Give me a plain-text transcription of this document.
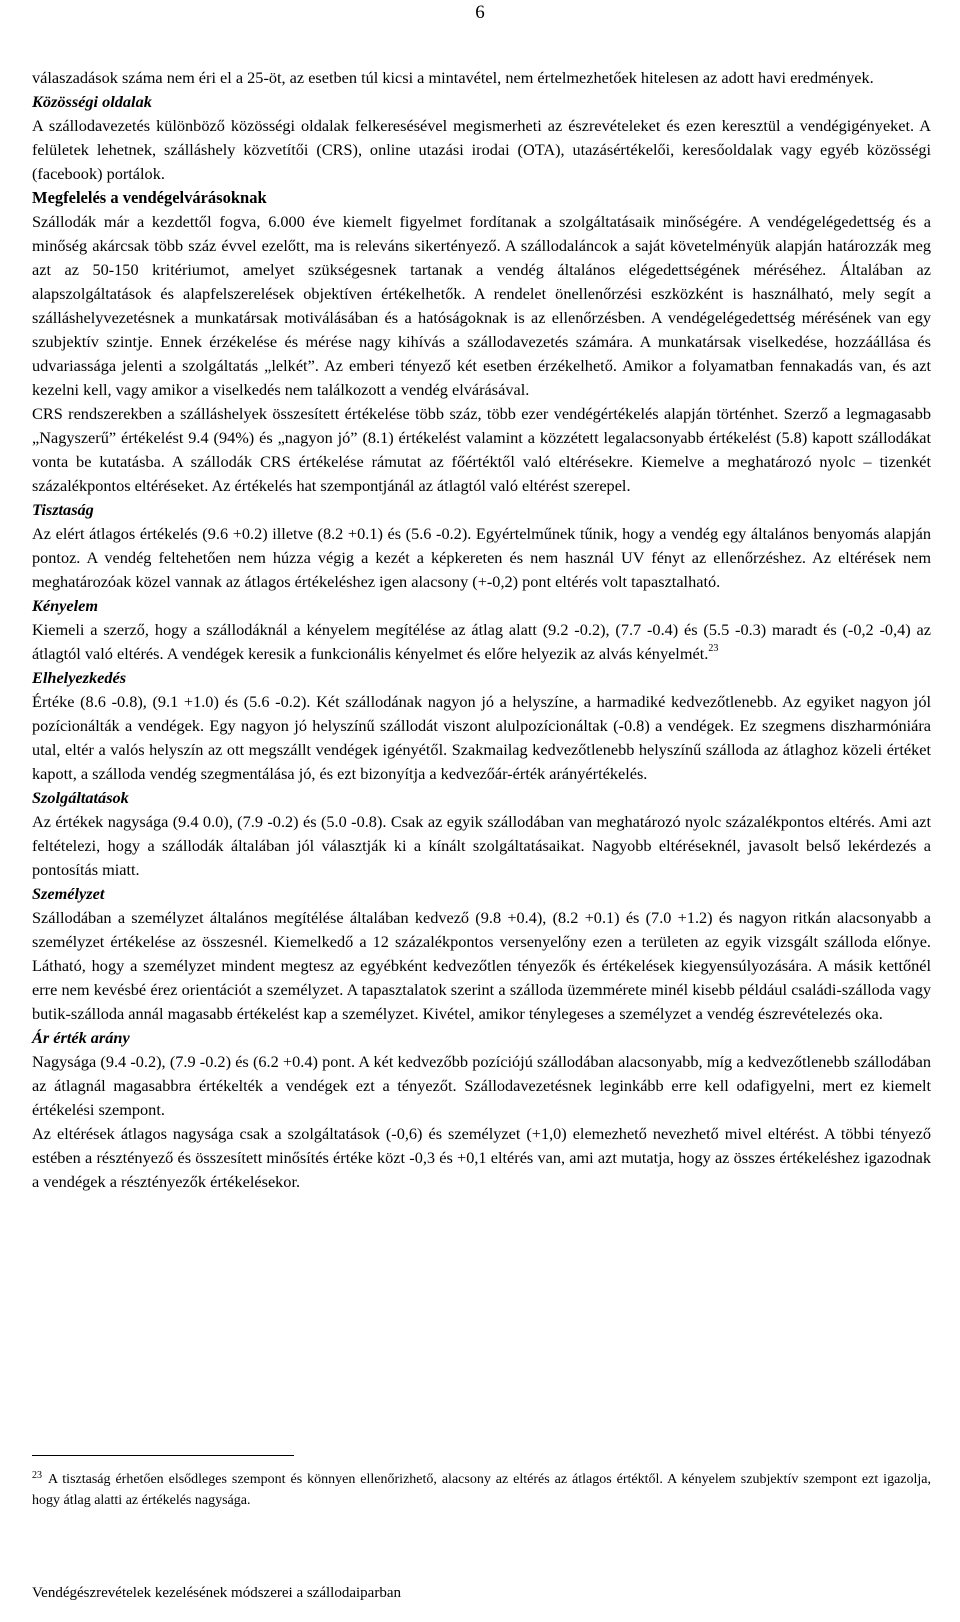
6

válaszadások száma nem éri el a 25-öt, az esetben túl kicsi a mintavétel, nem értelmezhetőek hitelesen az adott havi eredmények.

Közösségi oldalak

A szállodavezetés különböző közösségi oldalak felkeresésével megismerheti az észrevételeket és ezen keresztül a vendégigényeket. A felületek lehetnek, szálláshely közvetítői (CRS), online utazási irodai (OTA), utazásértékelői, keresőoldalak vagy egyéb közösségi (facebook) portálok.

Megfelelés a vendégelvárásoknak

Szállodák már a kezdettől fogva, 6.000 éve kiemelt figyelmet fordítanak a szolgáltatásaik minőségére. A vendégelégedettség és a minőség akárcsak több száz évvel ezelőtt, ma is releváns sikertényező. A szállodaláncok a saját követelményük alapján határozzák meg azt az 50-150 kritériumot, amelyet szükségesnek tartanak a vendég általános elégedettségének méréséhez. Általában az alapszolgáltatások és alapfelszerelések objektíven értékelhetők. A rendelet önellenőrzési eszközként is használható, mely segít a szálláshelyvezetésnek a munkatársak motiválásában és a hatóságoknak is az ellenőrzésben. A vendégelégedettség mérésének van egy szubjektív szintje. Ennek érzékelése és mérése nagy kihívás a szállodavezetés számára. A munkatársak viselkedése, hozzáállása és udvariassága jelenti a szolgáltatás „lelkét”. Az emberi tényező két esetben érzékelhető. Amikor a folyamatban fennakadás van, és azt kezelni kell, vagy amikor a viselkedés nem találkozott a vendég elvárásával.

CRS rendszerekben a szálláshelyek összesített értékelése több száz, több ezer vendégértékelés alapján történhet. Szerző a legmagasabb „Nagyszerű” értékelést 9.4 (94%) és „nagyon jó” (8.1) értékelést valamint a közzétett legalacsonyabb értékelést (5.8) kapott szállodákat vonta be kutatásba. A szállodák CRS értékelése rámutat az főértéktől való eltérésekre. Kiemelve a meghatározó nyolc – tizenkét százalékpontos eltéréseket. Az értékelés hat szempontjánál az átlagtól való eltérést szerepel.

Tisztaság

Az elért átlagos értékelés (9.6 +0.2) illetve (8.2 +0.1) és (5.6 -0.2). Egyértelműnek tűnik, hogy a vendég egy általános benyomás alapján pontoz. A vendég feltehetően nem húzza végig a kezét a képkereten és nem használ UV fényt az ellenőrzéshez. Az eltérések nem meghatározóak közel vannak az átlagos értékeléshez igen alacsony (+-0,2) pont eltérés volt tapasztalható.

Kényelem

Kiemeli a szerző, hogy a szállodáknál a kényelem megítélése az átlag alatt (9.2 -0.2), (7.7 -0.4) és (5.5 -0.3) maradt és (-0,2 -0,4) az átlagtól való eltérés. A vendégek keresik a funkcionális kényelmet és előre helyezik az alvás kényelmét.$^{23}$

Elhelyezkedés

Értéke (8.6 -0.8), (9.1 +1.0) és (5.6 -0.2). Két szállodának nagyon jó a helyszíne, a harmadiké kedvezőtlenebb. Az egyiket nagyon jól pozícionálták a vendégek. Egy nagyon jó helyszínű szállodát viszont alulpozícionáltak (-0.8) a vendégek. Ez szegmens diszharmóniára utal, eltér a valós helyszín az ott megszállt vendégek igényétől. Szakmailag kedvezőtlenebb helyszínű szálloda az átlaghoz közeli értéket kapott, a szálloda vendég szegmentálása jó, és ezt bizonyítja a kedvezőár-érték arányértékelés.

Szolgáltatások

Az értékek nagysága (9.4 0.0), (7.9 -0.2) és (5.0 -0.8). Csak az egyik szállodában van meghatározó nyolc százalékpontos eltérés. Ami azt feltételezi, hogy a szállodák általában jól választják ki a kínált szolgáltatásaikat. Nagyobb eltéréseknél, javasolt belső lekérdezés a pontosítás miatt.

Személyzet

Szállodában a személyzet általános megítélése általában kedvező (9.8 +0.4), (8.2 +0.1) és (7.0 +1.2) és nagyon ritkán alacsonyabb a személyzet értékelése az összesnél. Kiemelkedő a 12 százalékpontos versenyelőny ezen a területen az egyik vizsgált szálloda előnye. Látható, hogy a személyzet mindent megtesz az egyébként kedvezőtlen tényezők és értékelések kiegyensúlyozására. A másik kettőnél erre nem kevésbé érez orientációt a személyzet. A tapasztalatok szerint a szálloda üzemmérete minél kisebb például családi-szálloda vagy butik-szálloda annál magasabb értékelést kap a személyzet. Kivétel, amikor ténylegeses a személyzet a vendég észrevételezés oka.

Ár érték arány

Nagysága (9.4 -0.2), (7.9 -0.2) és (6.2 +0.4) pont. A két kedvezőbb pozíciójú szállodában alacsonyabb, míg a kedvezőtlenebb szállodában az átlagnál magasabbra értékelték a vendégek ezt a tényezőt. Szállodavezetésnek leginkább erre kell odafigyelni, mert ez kiemelt értékelési szempont.

Az eltérések átlagos nagysága csak a szolgáltatások (-0,6) és személyzet (+1,0) elemezhető nevezhető mivel eltérést. A többi tényező estében a résztényező és összesített minősítés értéke közt -0,3 és +0,1 eltérés van, ami azt mutatja, hogy az összes értékeléshez igazodnak a vendégek a résztényezők értékelésekor.

$^{23}$ A tisztaság érhetően elsődleges szempont és könnyen ellenőrizhető, alacsony az eltérés az átlagos értéktől. A kényelem szubjektív szempont ezt igazolja, hogy átlag alatti az értékelés nagysága.
Vendégészrevételek kezelésének módszerei a szállodaiparban
